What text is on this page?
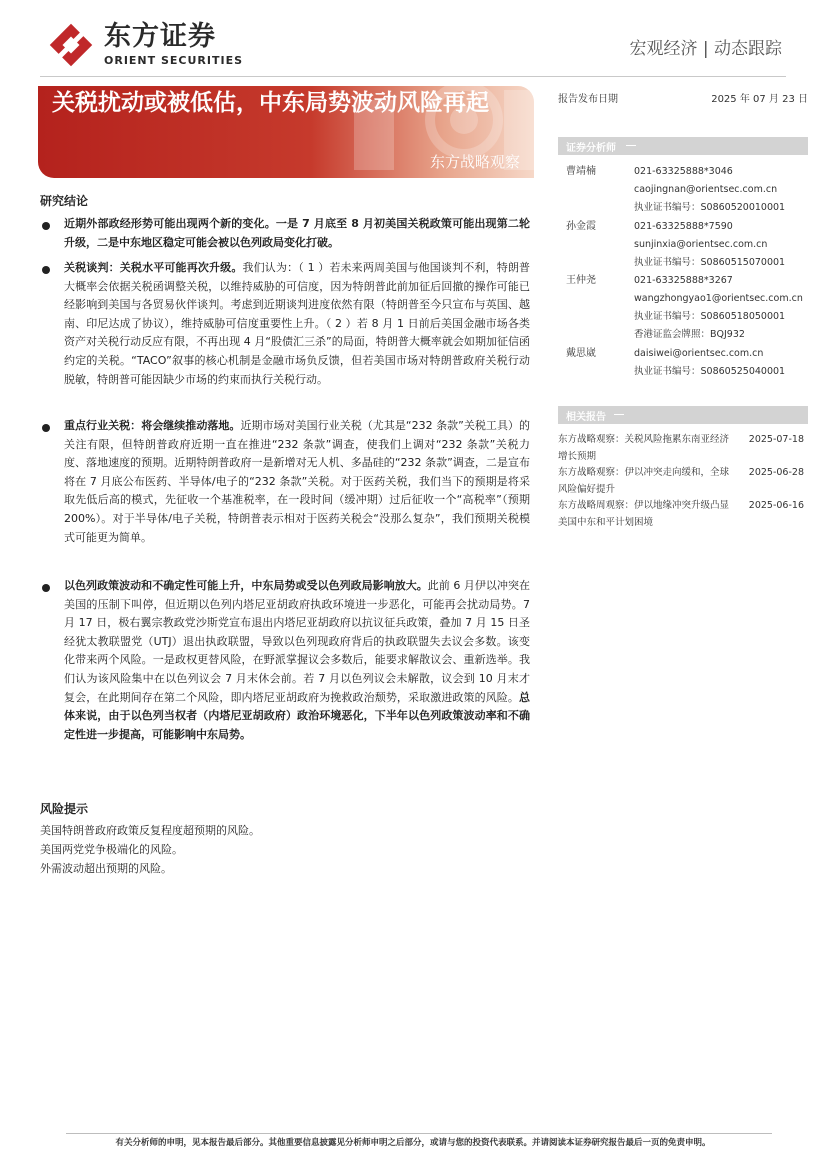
东方证券
ORIENT SECURITIES
宏观经济 | 动态跟踪
关税扰动或被低估，中东局势波动风险再起
东方战略观察
报告发布日期	2025 年 07 月 23 日
证券分析师
曹靖楠	021-63325888*3046
caojingnan@orientsec.com.cn
执业证书编号：S0860520010001
孙金霞	021-63325888*7590
sunjinxia@orientsec.com.cn
执业证书编号：S0860515070001
王仲尧	021-63325888*3267
wangzhongyao1@orientsec.com.cn
执业证书编号：S0860518050001
香港证监会牌照：BQJ932
戴思崴	daisiwei@orientsec.com.cn
执业证书编号：S0860525040001
相关报告
东方战略观察：关税风险拖累东南亚经济	2025-07-18
增长预期
东方战略观察：伊以冲突走向缓和，全球	2025-06-28
风险偏好提升
东方战略周观察：伊以地缘冲突升级凸显	2025-06-16
美国中东和平计划困境
研究结论
近期外部政经形势可能出现两个新的变化。一是 7 月底至 8 月初美国关税政策可能出现第二轮升级，二是中东地区稳定可能会被以色列政局变化打破。
关税谈判：关税水平可能再次升级。我们认为：（ 1 ）若未来两周美国与他国谈判不利，特朗普大概率会依据关税函调整关税，以维持威胁的可信度，因为特朗普此前加征后回撤的操作可能已经影响到美国与各贸易伙伴谈判。考虑到近期谈判进度依然有限（特朗普至今只宣布与英国、越南、印尼达成了协议），维持威胁可信度重要性上升。（ 2 ）若 8 月 1 日前后美国金融市场各类资产对关税行动反应有限，不再出现 4 月“股债汇三杀”的局面，特朗普大概率就会如期加征信函约定的关税。“TACO”叙事的核心机制是金融市场负反馈，但若美国市场对特朗普政府关税行动脱敏，特朗普可能因缺少市场的约束而执行关税行动。
重点行业关税：将会继续推动落地。近期市场对美国行业关税（尤其是“232 条款”关税工具）的关注有限，但特朗普政府近期一直在推进“232 条款”调查，使我们上调对“232 条款”关税力度、落地速度的预期。近期特朗普政府一是新增对无人机、多晶硅的“232 条款”调查，二是宣布将在 7 月底公布医药、半导体/电子的“232 条款”关税。对于医药关税，我们当下的预期是将采取先低后高的模式，先征收一个基准税率，在一段时间（缓冲期）过后征收一个“高税率”（预期 200%）。对于半导体/电子关税，特朗普表示相对于医药关税会“没那么复杂”，我们预期关税模式可能更为简单。
以色列政策波动和不确定性可能上升，中东局势或受以色列政局影响放大。此前 6 月伊以冲突在美国的压制下叫停，但近期以色列内塔尼亚胡政府执政环境进一步恶化，可能再会扰动局势。7 月 17 日，极右翼宗教政党沙斯党宣布退出内塔尼亚胡政府以抗议征兵政策，叠加 7 月 15 日圣经犹太教联盟党（UTJ）退出执政联盟，导致以色列现政府背后的执政联盟失去议会多数。该变化带来两个风险。一是政权更替风险，在野派掌握议会多数后，能要求解散议会、重新选举。我们认为该风险集中在以色列议会 7 月末休会前。若 7 月以色列议会未解散，议会到 10 月末才复会，在此期间存在第二个风险，即内塔尼亚胡政府为挽救政治颓势，采取激进政策的风险。总体来说，由于以色列当权者（内塔尼亚胡政府）政治环境恶化，下半年以色列政策波动率和不确定性进一步提高，可能影响中东局势。
风险提示
美国特朗普政府政策反复程度超预期的风险。
美国两党党争极端化的风险。
外需波动超出预期的风险。
有关分析师的申明，见本报告最后部分。其他重要信息披露见分析师申明之后部分，或请与您的投资代表联系。并请阅读本证券研究报告最后一页的免责申明。
